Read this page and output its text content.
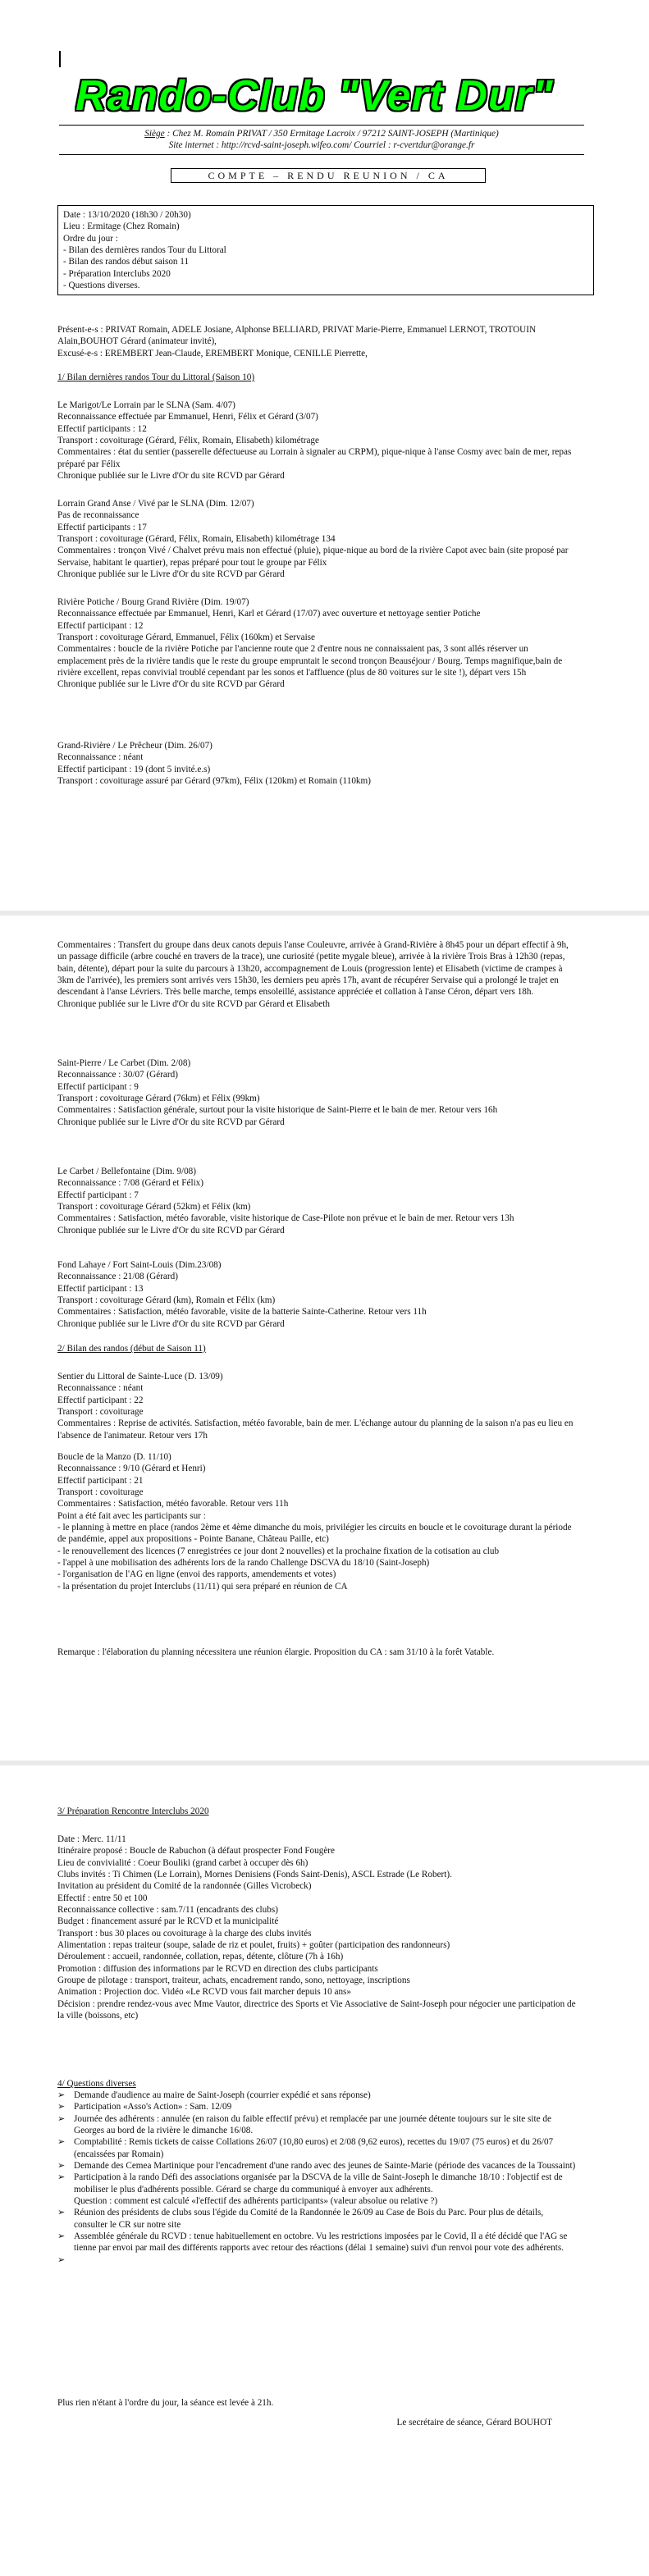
Rando-Club "Vert Dur"
Siège : Chez M. Romain PRIVAT / 350 Ermitage Lacroix / 97212 SAINT-JOSEPH (Martinique)
Site internet : http://rcvd-saint-joseph.wifeo.com/ Courriel : r-cvertdur@orange.fr
COMPTE – RENDU REUNION / CA
Date : 13/10/2020 (18h30 / 20h30)
Lieu : Ermitage (Chez Romain)
Ordre du jour :
- Bilan des dernières randos Tour du Littoral
- Bilan des randos début saison 11
- Préparation Interclubs 2020
- Questions diverses.
Présent-e-s : PRIVAT Romain, ADELE Josiane, Alphonse BELLIARD, PRIVAT Marie-Pierre, Emmanuel LERNOT, TROTOUIN Alain,BOUHOT Gérard (animateur invité),
Excusé-e-s : EREMBERT Jean-Claude, EREMBERT Monique, CENILLE Pierrette,
1/ Bilan dernières randos Tour du Littoral (Saison 10)
Le Marigot/Le Lorrain par le SLNA (Sam. 4/07)
Reconnaissance effectuée par Emmanuel, Henri, Félix et Gérard (3/07)
Effectif participants : 12
Transport : covoiturage (Gérard, Félix, Romain, Elisabeth) kilométrage
Commentaires : état du sentier (passerelle défectueuse au Lorrain à signaler au CRPM), pique-nique à l'anse Cosmy avec bain de mer, repas préparé par Félix
Chronique publiée sur le Livre d'Or du site RCVD par Gérard
Lorrain Grand Anse / Vivé par le SLNA (Dim. 12/07)
Pas de reconnaissance
Effectif participants : 17
Transport : covoiturage (Gérard, Félix, Romain, Elisabeth) kilométrage 134
Commentaires : tronçon Vivé / Chalvet prévu mais non effectué (pluie), pique-nique au bord de la rivière Capot avec bain (site proposé par Servaise, habitant le quartier), repas préparé pour tout le groupe par Félix
Chronique publiée sur le Livre d'Or du site RCVD par Gérard
Rivière Potiche / Bourg Grand Rivière (Dim. 19/07)
Reconnaissance effectuée par Emmanuel, Henri, Karl et Gérard (17/07) avec ouverture et nettoyage sentier Potiche
Effectif participant : 12
Transport : covoiturage Gérard, Emmanuel, Félix (160km) et Servaise
Commentaires : boucle de la rivière Potiche par l'ancienne route que 2 d'entre nous ne connaissaient pas, 3 sont allés réserver un emplacement près de la rivière tandis que le reste du groupe empruntait le second tronçon Beauséjour / Bourg. Temps magnifique,bain de rivière excellent, repas convivial troublé cependant par les sonos et l'affluence (plus de 80 voitures sur le site !), départ vers 15h
Chronique publiée sur le Livre d'Or du site RCVD par Gérard
Grand-Rivière / Le Prêcheur (Dim. 26/07)
Reconnaissance : néant
Effectif participant : 19 (dont 5 invité.e.s)
Transport : covoiturage assuré par Gérard (97km), Félix (120km) et Romain (110km)
Commentaires : Transfert du groupe dans deux canots depuis l'anse Couleuvre, arrivée à Grand-Rivière à 8h45 pour un départ effectif à 9h, un passage difficile (arbre couché en travers de la trace), une curiosité (petite mygale bleue), arrivée à la rivière Trois Bras à 12h30 (repas, bain, détente), départ pour la suite du parcours à 13h20, accompagnement de Louis (progression lente) et Elisabeth (victime de crampes à 3km de l'arrivée), les premiers sont arrivés vers 15h30, les derniers peu après 17h, avant de récupérer Servaise qui a prolongé le trajet en descendant à l'anse Lévriers. Très belle marche, temps ensoleillé, assistance appréciée et collation à l'anse Céron, départ vers 18h.
Chronique publiée sur le Livre d'Or du site RCVD par Gérard et Elisabeth
Saint-Pierre / Le Carbet (Dim. 2/08)
Reconnaissance : 30/07 (Gérard)
Effectif participant : 9
Transport : covoiturage Gérard (76km) et Félix (99km)
Commentaires : Satisfaction générale, surtout pour la visite historique de Saint-Pierre et le bain de mer. Retour vers 16h
Chronique publiée sur le Livre d'Or du site RCVD par Gérard
Le Carbet / Bellefontaine (Dim. 9/08)
Reconnaissance : 7/08 (Gérard et Félix)
Effectif participant : 7
Transport : covoiturage Gérard (52km) et Félix (km)
Commentaires : Satisfaction, météo favorable, visite historique de Case-Pilote non prévue et le bain de mer. Retour vers 13h
Chronique publiée sur le Livre d'Or du site RCVD par Gérard
Fond Lahaye / Fort Saint-Louis (Dim.23/08)
Reconnaissance : 21/08 (Gérard)
Effectif participant : 13
Transport : covoiturage Gérard (km), Romain et Félix (km)
Commentaires : Satisfaction, météo favorable, visite de la batterie Sainte-Catherine. Retour vers 11h
Chronique publiée sur le Livre d'Or du site RCVD par Gérard
2/ Bilan des randos (début de Saison 11)
Sentier du Littoral de Sainte-Luce (D. 13/09)
Reconnaissance : néant
Effectif participant : 22
Transport : covoiturage
Commentaires : Reprise de activités. Satisfaction, météo favorable, bain de mer. L'échange autour du planning de la saison n'a pas eu lieu en l'absence de l'animateur. Retour vers 17h
Boucle de la Manzo (D. 11/10)
Reconnaissance : 9/10 (Gérard et Henri)
Effectif participant : 21
Transport : covoiturage
Commentaires : Satisfaction, météo favorable. Retour vers 11h
Point a été fait avec les participants sur :
- le planning à mettre en place (randos 2ème et 4ème dimanche du mois, privilégier les circuits en boucle et le covoiturage durant la période de pandémie, appel aux propositions - Pointe Banane, Château Paille, etc)
- le renouvellement des licences (7 enregistrées ce jour dont 2 nouvelles) et la prochaine fixation de la cotisation au club
- l'appel à une mobilisation des adhérents lors de la rando Challenge DSCVA du 18/10 (Saint-Joseph)
- l'organisation de l'AG en ligne (envoi des rapports, amendements et votes)
- la présentation du projet Interclubs (11/11) qui sera préparé en réunion de CA
Remarque : l'élaboration du planning nécessitera une réunion élargie. Proposition du CA : sam 31/10 à la forêt Vatable.
3/ Préparation Rencontre Interclubs 2020
Date : Merc. 11/11
Itinéraire proposé : Boucle de Rabuchon (à défaut prospecter Fond Fougère
Lieu de convivialité : Coeur Bouliki (grand carbet à occuper dès 6h)
Clubs invités : Ti Chimen (Le Lorrain), Mornes Denisiens (Fonds Saint-Denis), ASCL Estrade (Le Robert).
Invitation au président du Comité de la randonnée (Gilles Vicrobeck)
Effectif : entre 50 et 100
Reconnaissance collective : sam.7/11 (encadrants des clubs)
Budget : financement assuré par le RCVD et la municipalité
Transport : bus 30 places ou covoiturage à la charge des clubs invités
Alimentation : repas traiteur (soupe, salade de riz et poulet, fruits) + goûter (participation des randonneurs)
Déroulement : accueil, randonnée, collation, repas, détente, clôture (7h à 16h)
Promotion : diffusion des informations par le RCVD en direction des clubs participants
Groupe de pilotage : transport, traiteur, achats, encadrement rando, sono, nettoyage, inscriptions
Animation : Projection doc. Vidéo «Le RCVD vous fait marcher depuis 10 ans»
Décision : prendre rendez-vous avec Mme Vautor, directrice des Sports et Vie Associative de Saint-Joseph pour négocier une participation de la ville (boissons, etc)
4/ Questions diverses
➢ Demande d'audience au maire de Saint-Joseph (courrier expédié et sans réponse)
➢ Participation «Asso's Action» : Sam. 12/09
➢ Journée des adhérents : annulée (en raison du faible effectif prévu) et remplacée par une journée détente toujours sur le site site de Georges au bord de la rivière le dimanche 16/08.
➢ Comptabilité : Remis tickets de caisse Collations 26/07 (10,80 euros) et 2/08 (9,62 euros), recettes du 19/07 (75 euros) et du 26/07 (encaissées par Romain)
➢ Demande des Cemea Martinique pour l'encadrement d'une rando avec des jeunes de Sainte-Marie (période des vacances de la Toussaint)
➢ Participation à la rando Défi des associations organisée par la DSCVA de la ville de Saint-Joseph le dimanche 18/10 : l'objectif est de mobiliser le plus d'adhérents possible. Gérard se charge du communiqué à envoyer aux adhérents.
Question : comment est calculé «l'effectif des adhérents participants» (valeur absolue ou relative ?)
➢ Réunion des présidents de clubs sous l'égide du Comité de la Randonnée le 26/09 au Case de Bois du Parc. Pour plus de détails, consulter le CR sur notre site
➢ Assemblée générale du RCVD : tenue habituellement en octobre. Vu les restrictions imposées par le Covid, Il a été décidé que l'AG se tienne par envoi par mail des différents rapports avec retour des réactions (délai 1 semaine) suivi d'un renvoi pour vote des adhérents.
➢
Plus rien n'étant à l'ordre du jour, la séance est levée à 21h.
Le secrétaire de séance, Gérard BOUHOT
